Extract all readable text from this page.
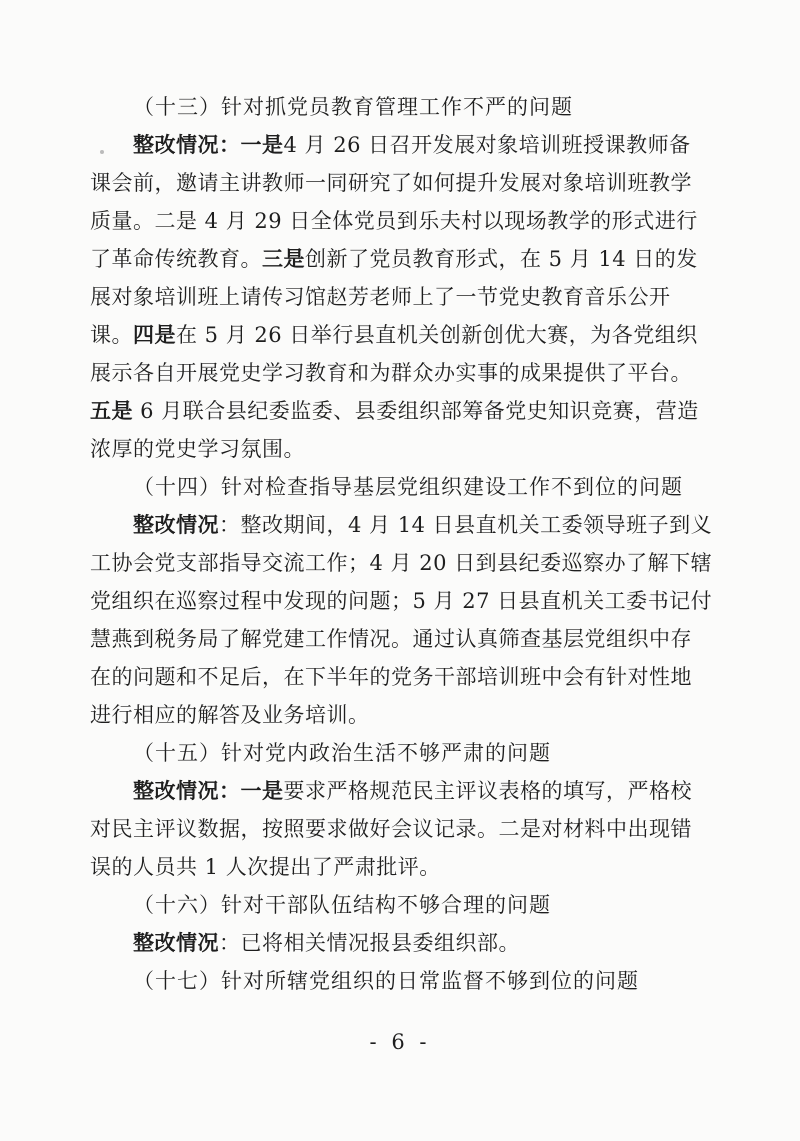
（十三）针对抓党员教育管理工作不严的问题

整改情况：一是4 月 26 日召开发展对象培训班授课教师备
课会前，邀请主讲教师一同研究了如何提升发展对象培训班教学
质量。二是 4 月 29 日全体党员到乐夫村以现场教学的形式进行
了革命传统教育。三是创新了党员教育形式，在 5 月 14 日的发
展对象培训班上请传习馆赵芳老师上了一节党史教育音乐公开
课。四是在 5 月 26 日举行县直机关创新创优大赛，为各党组织
展示各自开展党史学习教育和为群众办实事的成果提供了平台。
五是 6 月联合县纪委监委、县委组织部筹备党史知识竞赛，营造
浓厚的党史学习氛围。

（十四）针对检查指导基层党组织建设工作不到位的问题

整改情况：整改期间，4 月 14 日县直机关工委领导班子到义
工协会党支部指导交流工作；4 月 20 日到县纪委巡察办了解下辖
党组织在巡察过程中发现的问题；5 月 27 日县直机关工委书记付
慧燕到税务局了解党建工作情况。通过认真筛查基层党组织中存
在的问题和不足后，在下半年的党务干部培训班中会有针对性地
进行相应的解答及业务培训。

（十五）针对党内政治生活不够严肃的问题

整改情况：一是要求严格规范民主评议表格的填写，严格校
对民主评议数据，按照要求做好会议记录。二是对材料中出现错
误的人员共 1 人次提出了严肃批评。

（十六）针对干部队伍结构不够合理的问题

整改情况：已将相关情况报县委组织部。

（十七）针对所辖党组织的日常监督不够到位的问题

- 6 -
